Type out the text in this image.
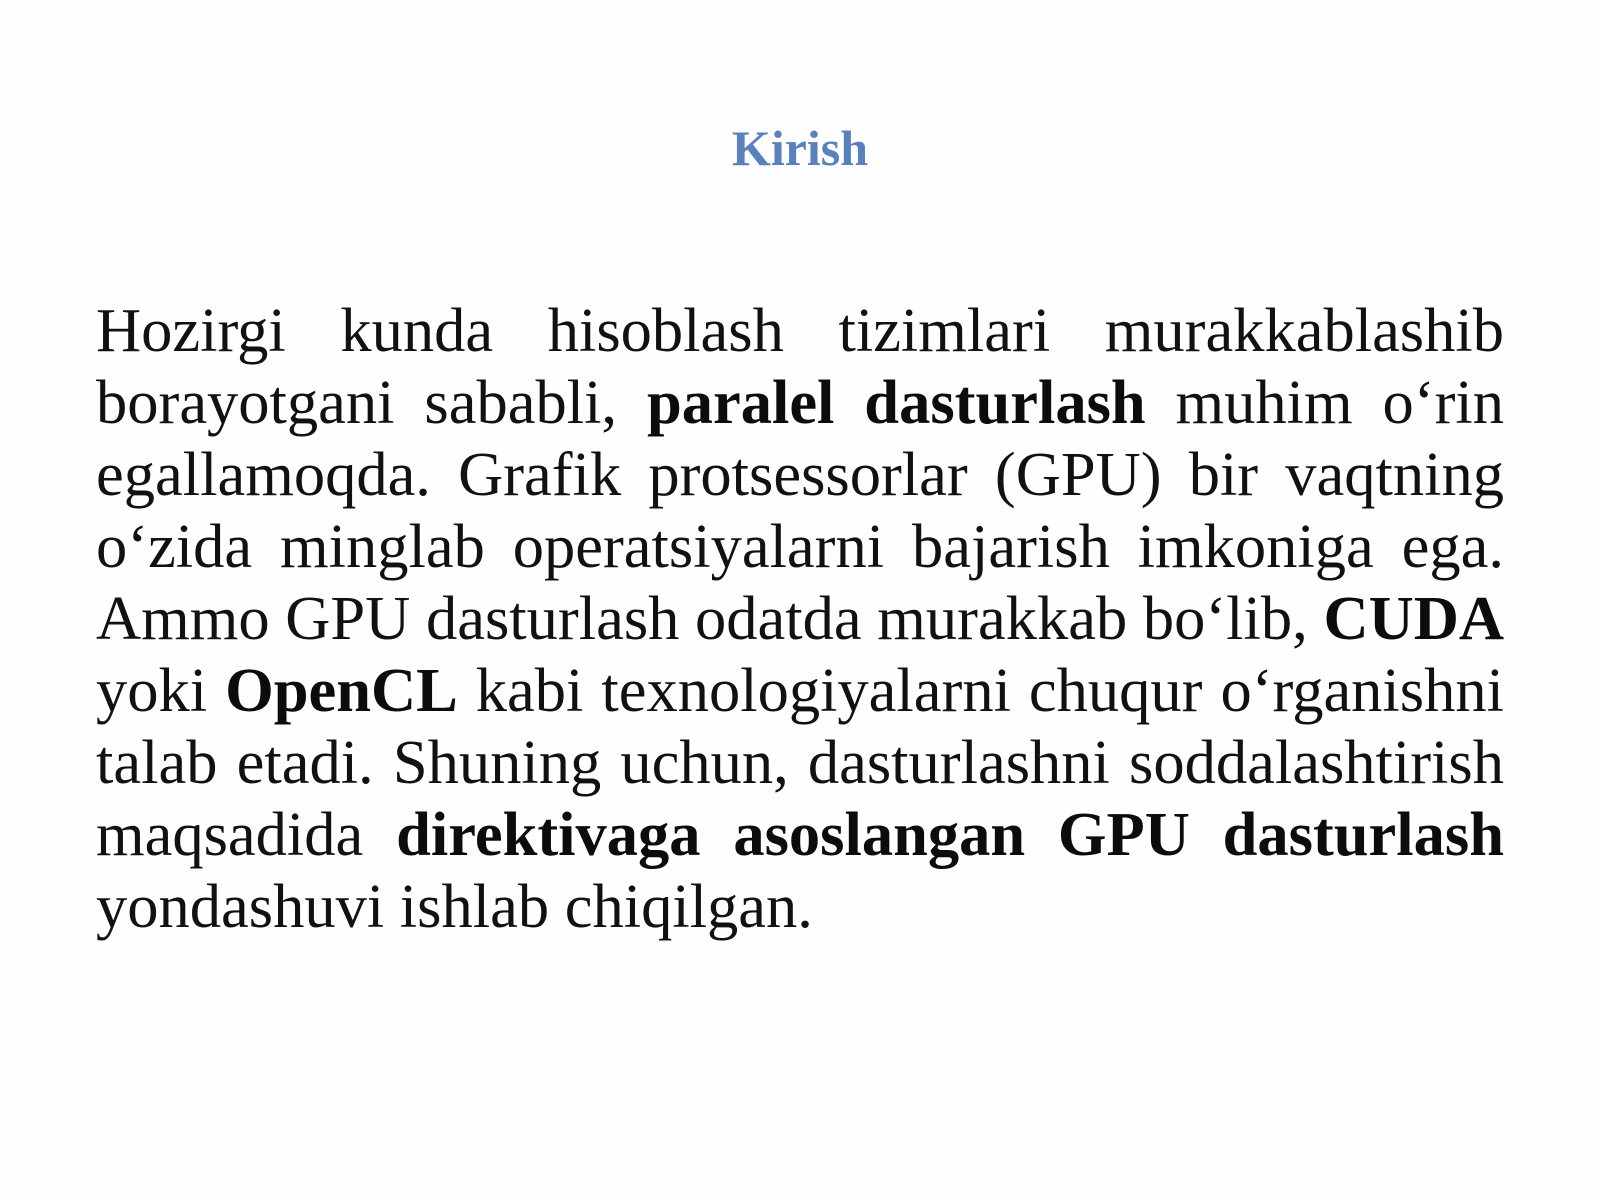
Kirish

Hozirgi kunda hisoblash tizimlari murakkablashib borayotgani sababli, paralel dasturlash muhim o‘rin egallamoqda. Grafik protsessorlar (GPU) bir vaqtning o‘zida minglab operatsiyalarni bajarish imkoniga ega. Ammo GPU dasturlash odatda murakkab bo‘lib, CUDA yoki OpenCL kabi texnologiyalarni chuqur o‘rganishni talab etadi. Shuning uchun, dasturlashni soddalashtirish maqsadida direktivaga asoslangan GPU dasturlash yondashuvi ishlab chiqilgan.
